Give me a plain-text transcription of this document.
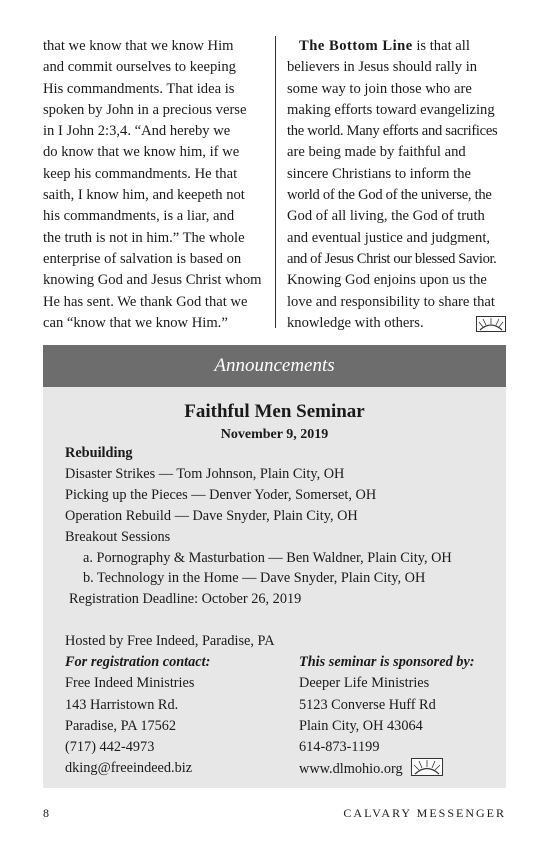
that we know that we know Him

and commit ourselves to keeping

His commandments. That idea is

spoken by John in a precious verse

in I John 2:3,4. “And hereby we

do know that we know him, if we

keep his commandments. He that

saith, I know him, and keepeth not

his commandments, is a liar, and

the truth is not in him.” The whole

enterprise of salvation is based on

knowing God and Jesus Christ whom

He has sent. We thank God that we

can “know that we know Him.”

The Bottom Line is that all

believers in Jesus should rally in

some way to join those who are

making efforts toward evangelizing

the world. Many efforts and sacrifices

are being made by faithful and

sincere Christians to inform the

world of the God of the universe, the

God of all living, the God of truth

and eventual justice and judgment,

and of Jesus Christ our blessed Savior.

Knowing God enjoins upon us the

love and responsibility to share that

knowledge with others.

Announcements
Faithful Men Seminar
November 9, 2019
Rebuilding
Disaster Strikes — Tom Johnson, Plain City, OH
Picking up the Pieces — Denver Yoder, Somerset, OH
Operation Rebuild — Dave Snyder, Plain City, OH
Breakout Sessions
a. Pornography & Masturbation — Ben Waldner, Plain City, OH
b. Technology in the Home — Dave Snyder, Plain City, OH
Registration Deadline: October 26, 2019
Hosted by Free Indeed, Paradise, PA
For registration contact:
Free Indeed Ministries
143 Harristown Rd.
Paradise, PA 17562
(717) 442-4973
dking@freeindeed.biz
This seminar is sponsored by:
Deeper Life Ministries
5123 Converse Huff Rd
Plain City, OH 43064
614-873-1199
www.dlmohio.org
8	CALVARY MESSENGER
